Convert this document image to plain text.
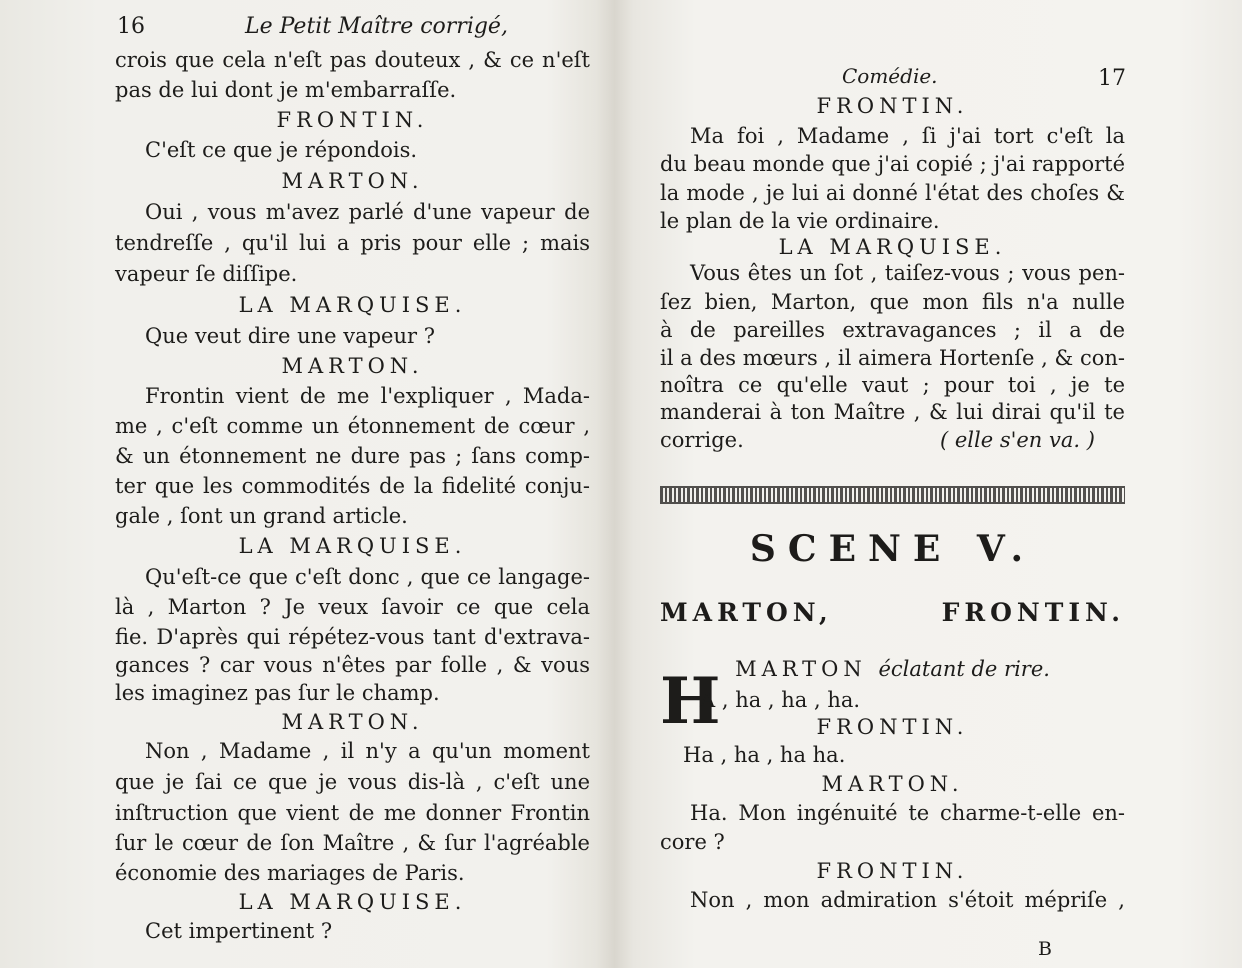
16	Le Petit Maître corrigé,
crois que cela n'eſt pas douteux , & ce n'eſt
pas de lui dont je m'embarraſſe.
FRONTIN.
C'eſt ce que je répondois.
MARTON.
Oui , vous m'avez parlé d'une vapeur de
tendreſſe , qu'il lui a pris pour elle ; mais
vapeur ſe diſſipe.
LA MARQUISE.
Que veut dire une vapeur ?
MARTON.
Frontin vient de me l'expliquer , Mada-
me , c'eſt comme un étonnement de cœur ,
& un étonnement ne dure pas ; ſans comp-
ter que les commodités de la fidelité conju-
gale , ſont un grand article.
LA MARQUISE.
Qu'eſt-ce que c'eſt donc , que ce langage-
là , Marton ? Je veux ſavoir ce que cela
fie. D'après qui répétez-vous tant d'extrava-
gances ? car vous n'êtes par folle , & vous
les imaginez pas ſur le champ.
MARTON.
Non , Madame , il n'y a qu'un moment
que je ſai ce que je vous dis-là , c'eſt une
inſtruction que vient de me donner Frontin
ſur le cœur de ſon Maître , & ſur l'agréable
économie des mariages de Paris.
LA MARQUISE.
Cet impertinent ?
Comédie.	17
SCENE V.
MARTON, FRONTIN.
MARTON éclatant de rire.
H
A , ha , ha , ha.
FRONTIN.
Ha , ha , ha ha.
MARTON.
Ha. Mon ingénuité te charme-t-elle en-
core ?
FRONTIN.
Non , mon admiration s'étoit mépriſe ,
B
FRONTIN.
Ma foi , Madame , ſi j'ai tort c'eſt la
du beau monde que j'ai copié ; j'ai rapporté
la mode , je lui ai donné l'état des choſes &
le plan de la vie ordinaire.
LA MARQUISE.
Vous êtes un ſot , taiſez-vous ; vous pen-
ſez bien, Marton, que mon fils n'a nulle
à de pareilles extravagances ; il a de
il a des mœurs , il aimera Hortenſe , & con-
noîtra ce qu'elle vaut ; pour toi , je te
manderai à ton Maître , & lui dirai qu'il te
corrige.	( elle s'en va. )
